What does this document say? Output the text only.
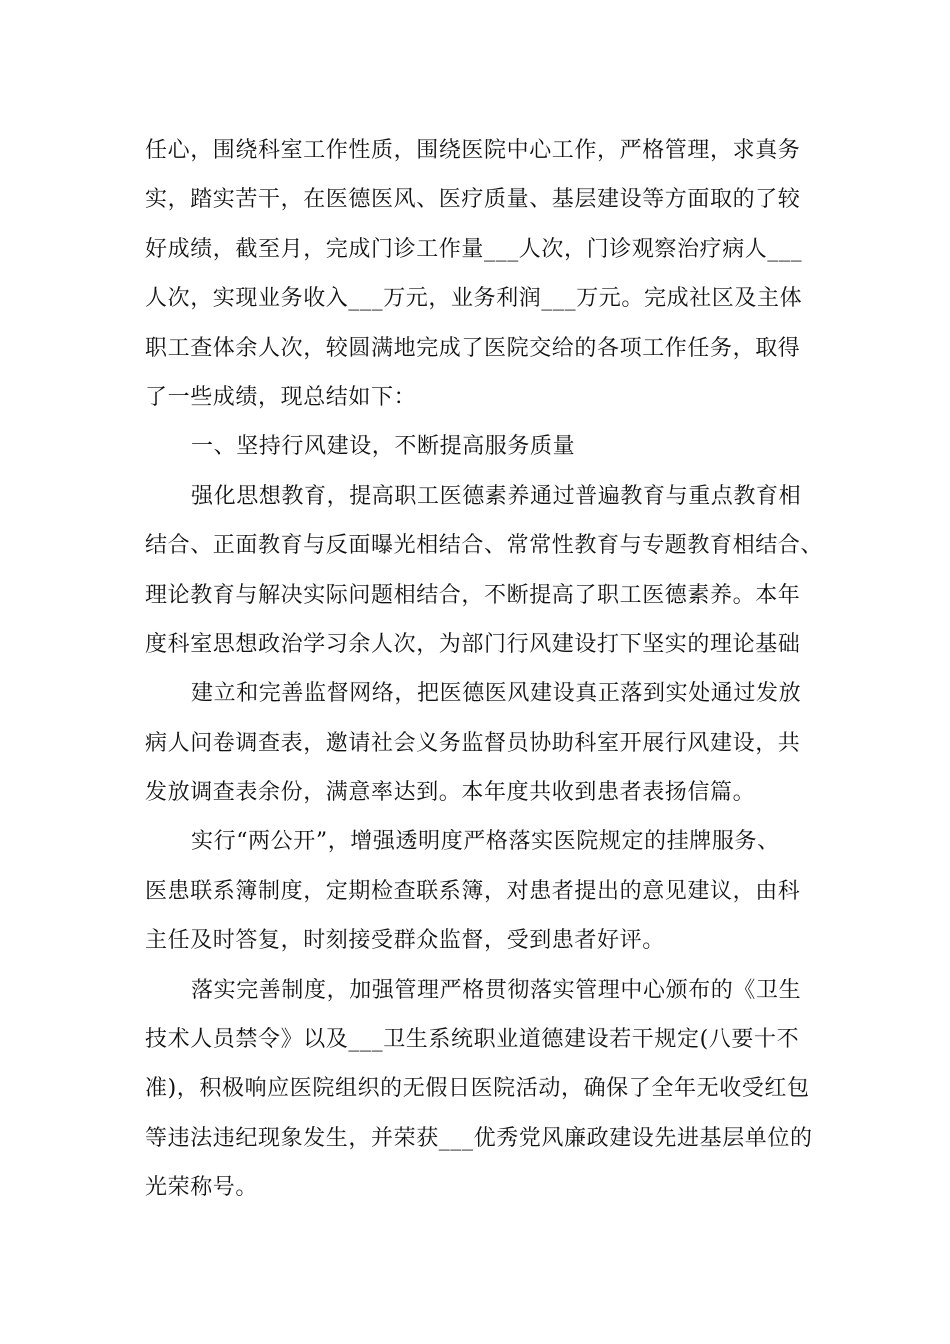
任心，围绕科室工作性质，围绕医院中心工作，严格管理，求真务
实，踏实苦干，在医德医风、医疗质量、基层建设等方面取的了较
好成绩，截至月，完成门诊工作量___人次，门诊观察治疗病人___
人次，实现业务收入___万元，业务利润___万元。完成社区及主体
职工查体余人次，较圆满地完成了医院交给的各项工作任务，取得
了一些成绩，现总结如下：
一、坚持行风建设，不断提高服务质量
强化思想教育，提高职工医德素养通过普遍教育与重点教育相
结合、正面教育与反面曝光相结合、常常性教育与专题教育相结合、
理论教育与解决实际问题相结合，不断提高了职工医德素养。本年
度科室思想政治学习余人次，为部门行风建设打下坚实的理论基础
建立和完善监督网络，把医德医风建设真正落到实处通过发放
病人问卷调查表，邀请社会义务监督员协助科室开展行风建设，共
发放调查表余份，满意率达到。本年度共收到患者表扬信篇。
实行“两公开”，增强透明度严格落实医院规定的挂牌服务、
医患联系簿制度，定期检查联系簿，对患者提出的意见建议，由科
主任及时答复，时刻接受群众监督，受到患者好评。
落实完善制度，加强管理严格贯彻落实管理中心颁布的《卫生
技术人员禁令》以及___卫生系统职业道德建设若干规定(八要十不
准)，积极响应医院组织的无假日医院活动，确保了全年无收受红包
等违法违纪现象发生，并荣获___优秀党风廉政建设先进基层单位的
光荣称号。
